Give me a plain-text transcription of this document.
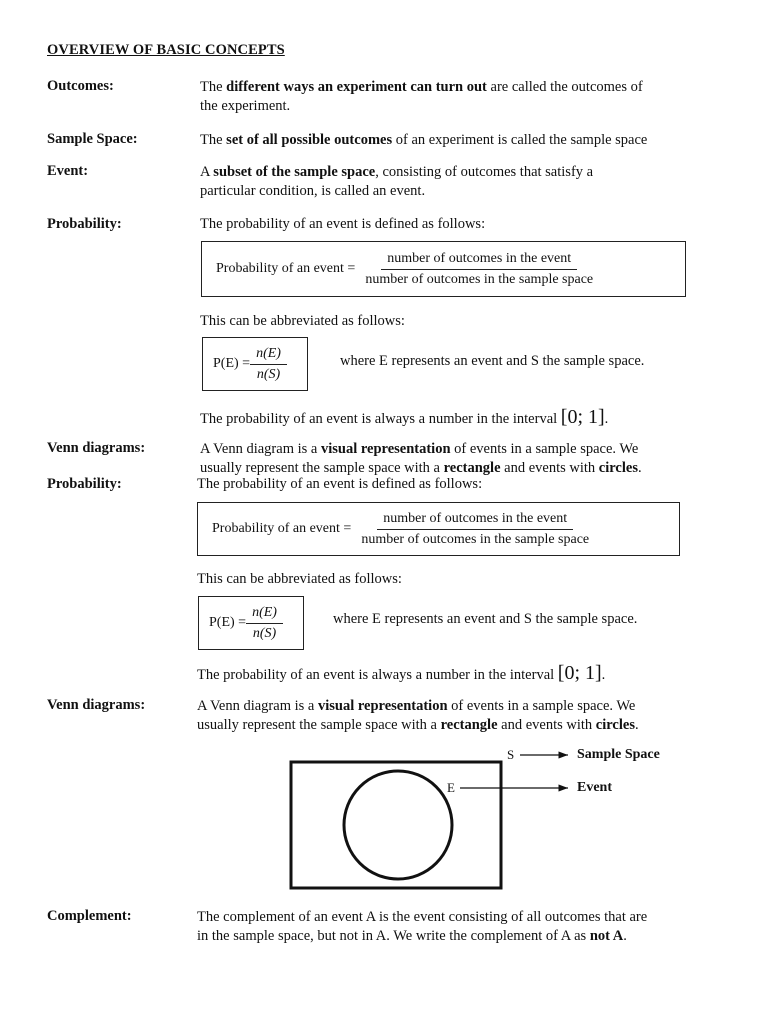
OVERVIEW OF BASIC CONCEPTS
Outcomes:	The different ways an experiment can turn out are called the outcomes of
the experiment.
Sample Space:	The set of all possible outcomes of an experiment is called the sample space
Event:	A subset of the sample space, consisting of outcomes that satisfy a
particular condition, is called an event.
Probability:	The probability of an event is defined as follows:
Probability of an event = $\frac{\text{number of outcomes in the event}}{\text{number of outcomes in the sample space}}$
This can be abbreviated as follows:
$P(E) = \frac{n(E)}{n(S)}$	where E represents an event and S the sample space.
The probability of an event is always a number in the interval [0; 1].
Venn diagrams:	A Venn diagram is a visual representation of events in a sample space. We
usually represent the sample space with a rectangle and events with circles.
Probability:	The probability of an event is defined as follows:
Probability of an event = $\frac{\text{number of outcomes in the event}}{\text{number of outcomes in the sample space}}$
This can be abbreviated as follows:
$P(E) = \frac{n(E)}{n(S)}$	where E represents an event and S the sample space.
The probability of an event is always a number in the interval [0; 1].
Venn diagrams:	A Venn diagram is a visual representation of events in a sample space. We
usually represent the sample space with a rectangle and events with circles.
S
E
Sample Space
Event
Complement:	The complement of an event A is the event consisting of all outcomes that are
in the sample space, but not in A. We write the complement of A as not A.
